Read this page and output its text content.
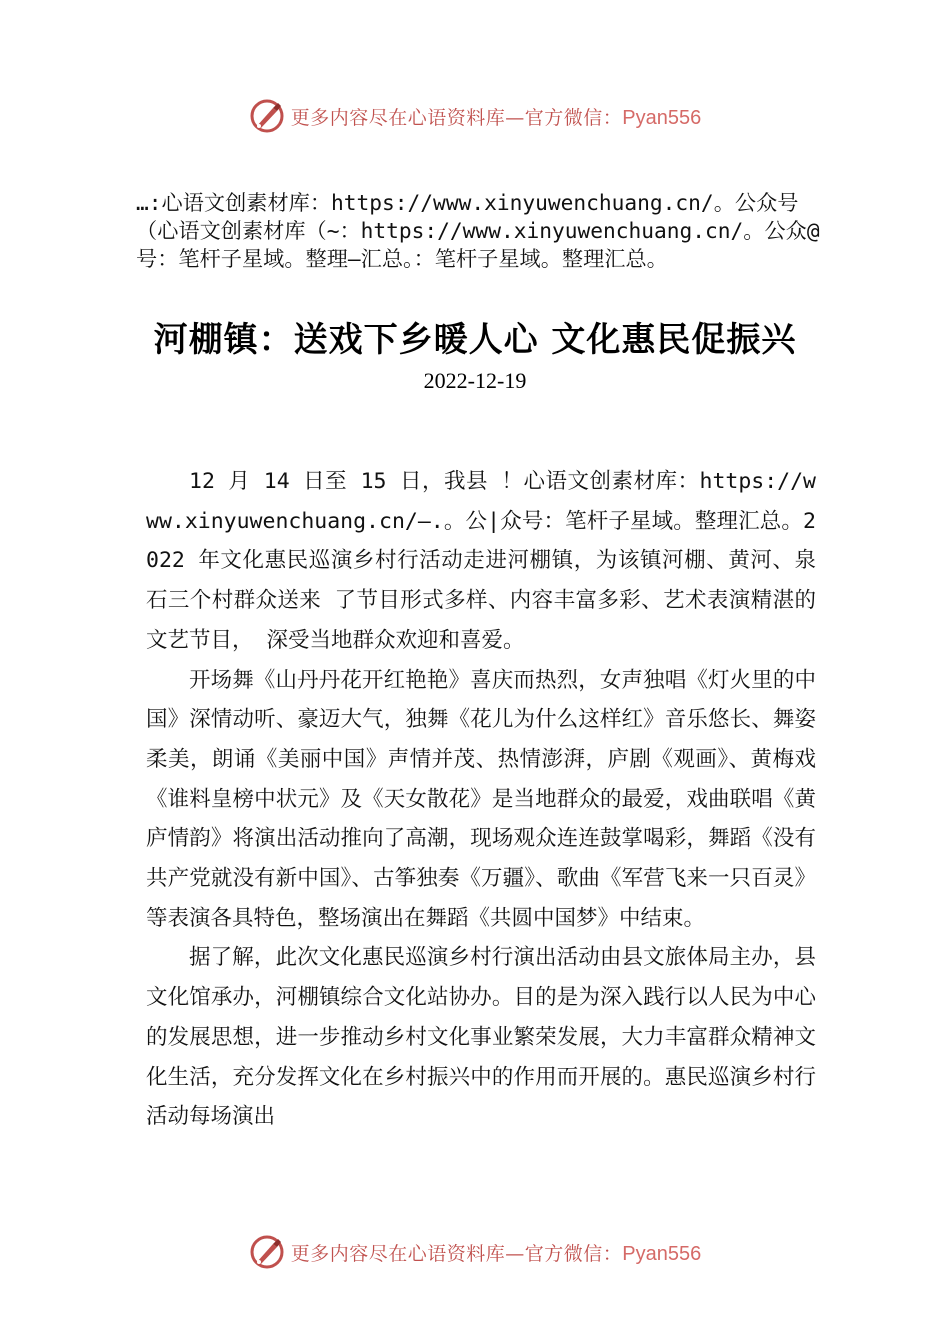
更多内容尽在心语资料库—官方微信：Pyan556
…:心语文创素材库：https://www.xinyuwenchuang.cn/。公众号（心语文创素材库（~：https://www.xinyuwenchuang.cn/。公众@号：笔杆子星域。整理—汇总。：笔杆子星域。整理汇总。
河棚镇：送戏下乡暖人心 文化惠民促振兴
2022-12-19

12 月 14 日至 15 日，我县 ！心语文创素材库：https://www.xinyuwenchuang.cn/—.。公|众号：笔杆子星域。整理汇总。2022 年文化惠民巡演乡村行活动走进河棚镇，为该镇河棚、黄河、泉石三个村群众送来 了节目形式多样、内容丰富多彩、艺术表演精湛的文艺节目， 深受当地群众欢迎和喜爱。

开场舞《山丹丹花开红艳艳》喜庆而热烈，女声独唱《灯火里的中国》深情动听、豪迈大气，独舞《花儿为什么这样红》音乐悠长、舞姿柔美，朗诵《美丽中国》声情并茂、热情澎湃，庐剧《观画》、黄梅戏《谁料皇榜中状元》及《天女散花》是当地群众的最爱，戏曲联唱《黄庐情韵》将演出活动推向了高潮，现场观众连连鼓掌喝彩，舞蹈《没有共产党就没有新中国》、古筝独奏《万疆》、歌曲《军营飞来一只百灵》等表演各具特色，整场演出在舞蹈《共圆中国梦》中结束。

据了解，此次文化惠民巡演乡村行演出活动由县文旅体局主办，县文化馆承办，河棚镇综合文化站协办。目的是为深入践行以人民为中心的发展思想，进一步推动乡村文化事业繁荣发展，大力丰富群众精神文化生活，充分发挥文化在乡村振兴中的作用而开展的。惠民巡演乡村行活动每场演出

更多内容尽在心语资料库—官方微信：Pyan556
